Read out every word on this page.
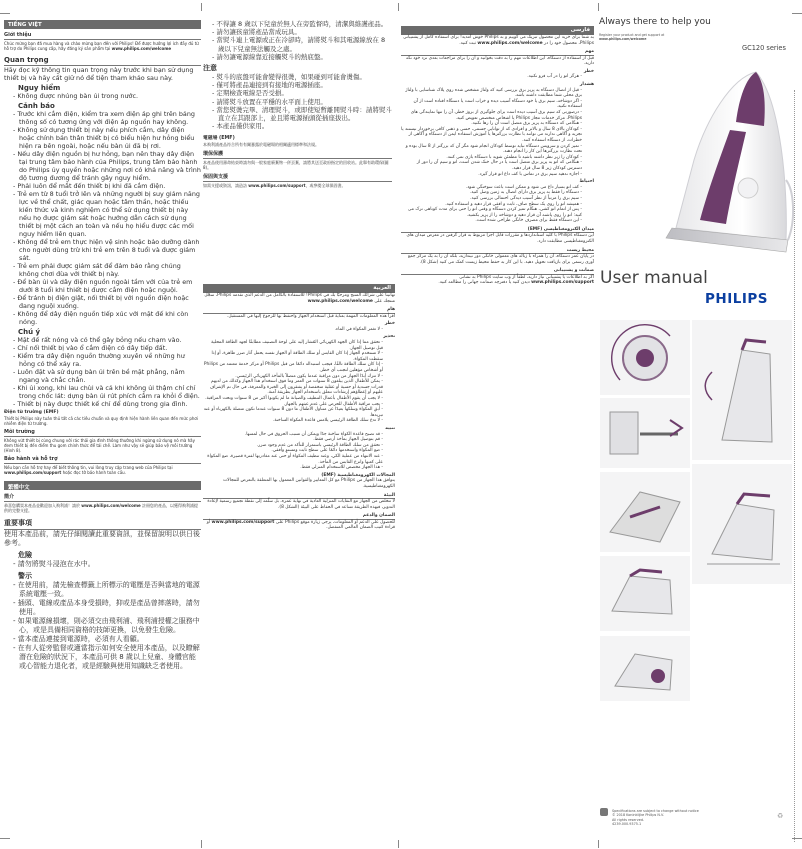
TIẾNG VIỆT
Giới thiệu

Chúc mừng bạn đã mua hàng và chào mừng bạn đến với Philips! Để được hưởng lợi ích đầy đủ từ hỗ trợ do Philips cung cấp, hãy đăng ký sản phẩm tại www.philips.com/welcome

Quan trọng

Hãy đọc kỹ thông tin quan trọng này trước khi bạn sử dụng thiết bị và hãy cất giữ nó để tiện tham khảo sau này.

Nguy hiểm
- Không được nhúng bàn ủi trong nước.
Cảnh báo
- Trước khi cắm điện, kiểm tra xem điện áp ghi trên bảng thông số có tương ứng với điện áp nguồn hay không.
- Không sử dụng thiết bị này nếu phích cắm, dây điện hoặc chính bản thân thiết bị có biểu hiện hư hỏng biểu hiện ra bên ngoài, hoặc nếu bàn ủi đã bị rơi.
- Nếu dây điện nguồn bị hư hỏng, bạn nên thay dây điện tại trung tâm bảo hành của Philips, trung tâm bảo hành do Philips ủy quyền hoặc những nơi có khả năng và trình độ tương đương để tránh gây nguy hiểm.
- Phải luôn để mắt đến thiết bị khi đã cắm điện.
- Trẻ em từ 8 tuổi trở lên và những người bị suy giảm năng lực về thể chất, giác quan hoặc tâm thần, hoặc thiếu kiến thức và kinh nghiệm có thể sử dụng thiết bị này nếu họ được giám sát hoặc hướng dẫn cách sử dụng thiết bị một cách an toàn và nếu họ hiểu được các mối nguy hiểm liên quan.
- Không để trẻ em thực hiện vệ sinh hoặc bảo dưỡng dành cho người dùng trừ khi trẻ em trên 8 tuổi và được giám sát.
- Trẻ em phải được giám sát để đảm bảo rằng chúng không chơi đùa với thiết bị này.
- Để bàn ủi và dây điện nguồn ngoài tầm với của trẻ em dưới 8 tuổi khi thiết bị được cắm điện hoặc nguội.
- Để tránh bị điện giật, nối thiết bị với nguồn điện hoặc đang nguội xuống.
- Không để dây điện nguồn tiếp xúc với mặt đế khi còn nóng.
Chú ý
- Mặt đế rất nóng và có thể gây bỏng nếu chạm vào.
- Chỉ nối thiết bị vào ổ cắm điện có dây tiếp đất.
- Kiểm tra dây điện nguồn thường xuyên về những hư hỏng có thể xảy ra.
- Luôn đặt và sử dụng bàn ủi trên bề mặt phẳng, nằm ngang và chắc chắn.
- Khi ủi xong, khi lau chùi và cả khi không ủi thậm chí chỉ trong chốc lát: dựng bàn ủi rút phích cắm ra khỏi ổ điện.
- Thiết bị này được thiết kế chỉ để dùng trong gia đình.
Điện từ trường (EMF)

Thiết bị Philips này tuân thủ tất cả các tiêu chuẩn và quy định hiện hành liên quan đến mức phơi nhiễm điện từ trường.

Môi trường

Không vứt thiết bị cùng chung với rác thải gia đình thông thường khi ngừng sử dụng nó mà hãy đem thiết bị đến điểm thu gom chính thức để tái chế. Làm như vậy sẽ giúp bảo vệ môi trường (Hình 8).

Bảo hành và hỗ trợ

Nếu bạn cần hỗ trợ hay để biết thông tin, vui lòng truy cập trang web của Philips tại www.philips.com/support hoặc đọc tờ bảo hành toàn cầu.

繁體中文
簡介

恭喜您購買本產品並歡迎加入飛利浦！請於 www.philips.com/welcome 註冊您的產品，以獲得飛利浦提供的完整支援。

重要事項

使用本產品前，請先仔細閱讀此重要資訊，並保留說明以供日後參考。

危險
- 請勿將熨斗浸泡在水中。
警示
- 在使用前，請先檢查標籤上所標示的電壓是否與當地的電源系統電壓一致。
- 插頭、電線或產品本身受損時，抑或是產品曾摔落時，請勿使用。
- 如果電源線損壞，則必須交由飛利浦、飛利浦授權之服務中心，或是具備相同資格的技師更換，以免發生危險。
- 當本產品連接到電源時，必須有人看顧。
- 在有人從旁監督或適當指示如何安全使用本產品，以及瞭解潛在危險的狀況下，本產品可供 8 歲以上兒童、身體官能或心智能力退化者，或是經驗與使用知識缺乏者使用。
- 不得讓 8 歲以下兒童於無人在旁監督時，清潔與維護產品。
- 請勿讓孩童將產品當成玩具。
- 當熨斗連上電源或正在冷卻時，請將熨斗和其電源線放在 8 歲以下兒童無法觸及之處。
- 請勿讓電源線靠近接觸熨斗的熱底盤。
注意
- 熨斗的底盤可能會變得很燙，如果碰到可能會燙傷。
- 僅可將產品連接到有接地的電源插座。
- 定期檢查電線是否受損。
- 請將熨斗放置在平穩的水平面上使用。
- 當您熨燙完畢、清理熨斗，或即使短暫離開熨斗時：請將熨斗直立在其跟部上，並且將電源插頭從插座拔出。
- 本產品僅供家用。
電磁場 (EMF)

本飛利浦產品符合所有有關暴露於電磁場的相關適用標準和法規。

環保保護

本產品使用壽命結束時請勿與一般家庭廢棄物一併丟棄，請將其送至政府指定的回收站。此舉有助環保(圖 8)。

保固與支援

如需支援或資訊，請造訪 www.philips.com/support，或參閱全球保固書。

العربية

تهانينا على شرائك المنتج ومرحبًا بك في Philips! للاستفادة بالكامل من الدعم الذي تقدمه Philips، سجّل منتجك على www.philips.com/welcome

هام

اقرأ هذه المعلومات المهمة بعناية قبل استخدام الجهاز واحتفظ بها للرجوع إليها في المستقبل.

خطر

- لا تغمر المكواة في الماء.

تحذير

- تحقق مما إذا كان الجهد الكهربائي المُشار إليه على لوحة التصنيف مطابقًا لجهد الطاقة المحلية قبل توصيل الجهاز.
- لا تستخدم الجهاز إذا كان القابس أو سلك الطاقة أو الجهاز نفسه يحمل آثار ضرر ظاهرة، أو إذا سقطت المكواة.
- إذا كان سلك الطاقة تالفًا، فيجب استبداله دائمًا من قبل Philips أو مركز خدمة معتمد من Philips أو أشخاص مؤهلين لتجنب أي خطر.
- لا تترك أبدًا الجهاز من دون مراقبة عندما يكون متصلاً بالمأخذ الكهربائي الرئيسي.
- يمكن للأطفال الذين يبلغون 8 سنوات من العمر وما فوق استخدام هذا الجهاز وكذلك من لديهم قدرات جسدية أو حسية أو عقلية منخفضة أو يفتقرون إلى الخبرة والمعرفة، في حال تم الإشراف عليهم أو إعطاؤهم إرشادات تتعلق باستخدام الجهاز بطريقة آمنة.
- لا يجب أن يقوم الأطفال بأعمال التنظيف والصيانة ما لم يكونوا أكبر من 8 سنوات وتحت المراقبة.
- يجب مراقبة الأطفال للحرص على عدم عبثهم بالجهاز.
- أبقِ المكواة وسلكها بعيدًا عن متناول الأطفال ما دون 8 سنوات عندما تكون متصلة بالكهرباء أو عند تبريدها.
- لا تدع سلك الطاقة الرئيسي يلامس قاعدة المكواة الساخنة.

تنبيه

- قد تصبح قاعدة الكواة ساخنة جدًا ويمكن أن تسبب الحروق في حال لمسها.
- قم بتوصيل الجهاز بمأخذ أرضي فقط.
- تحقق من سلك الطاقة الرئيسي باستمرار للتأكد من عدم وجود ضرر.
- ضع المكواة واستخدمها دائمًا على سطح ثابت ومستوٍ وأفقي.
- عند الانتهاء من عملية الكي، وعند تنظيف المكواة أو حتى عند مغادرتها لفترة قصيرة، ضع المكواة على كعبها وانزع القابس من المأخذ.
- هذا الجهاز مخصص للاستخدام المنزلي فقط.

المجالات الكهرومغناطيسية (EMF)

يتوافق هذا الجهاز من Philips مع كل المعايير والقوانين المعمول بها المتعلقة بالتعرض للمجالات الكهرومغناطيسية.

البيئة

لا تتخلص من الجهاز مع النفايات المنزلية العادية في نهاية عمره، بل سلّمه إلى نقطة تجميع رسمية لإعادة التدوير، فبهذه الطريقة تساعد في الحفاظ على البيئة (الشكل 8).

الضمان والدعم

للحصول على الدعم أو المعلومات، يرجى زيارة موقع Philips على www.philips.com/support أو قراءة كتيب الضمان العالمي المنفصل.

فارسی

به شما برای خرید این محصول تبریک می گوییم و به Philips خوش آمدید! برای استفاده کامل از پشتیبانی Philips، محصول خود را در www.philips.com/welcome ثبت کنید.

مهم

قبل از استفاده از دستگاه، این اطلاعات مهم را به دقت بخوانید و آن را برای مراجعات بعدی نزد خود نگه دارید.

خطر

- هرگز اتو را در آب فرو نکنید.

هشدار

- قبل از اتصال دستگاه به پریز برق بررسی کنید که ولتاژ مشخص شده روی پلاک شناسایی با ولتاژ برق محلی شما مطابقت داشته باشد.
- اگر دوشاخه، سیم برق یا خود دستگاه آسیب دیده و خراب است یا دستگاه افتاده است از آن استفاده نکنید.
- درصورتی که سیم برق آسیب دیده است برای جلوگیری از بروز خطر، آن را تنها نمایندگی های Philips، مرکز خدمات مجاز Philips یا اشخاص متخصص تعویض کنید.
- هنگامی که دستگاه به پریز برق متصل است آن را رها نکنید.
- کودکان بالای 8 سال و بالاتر و افرادی که از توانایی جسمی، حسی و ذهنی کافی برخوردار نیستند یا تجربه و آگاهی ندارند می توانند با نظارت بزرگترها یا آموزش استفاده ایمن از دستگاه و آگاهی از خطرات، از دستگاه استفاده کنند.
- تمیز کردن و سرویس دستگاه نباید توسط کودکان انجام شود مگر آن که بزرگتر از 8 سال بوده و تحت نظارت بزرگترها این کار را انجام دهند.
- کودکان را زیر نظر داشته باشید تا مطمئن شوید با دستگاه بازی نمی کنند.
- هنگامی که اتو به پریز برق متصل است یا در حال خنک شدن است، اتو و سیم آن را دور از دسترس کودکان زیر 8 سال قرار دهید.
- اجازه ندهید سیم برق در تماس با کف داغ اتو قرار گیرد.

احتیاط

- کف اتو بسیار داغ می شود و ممکن است باعث سوختگی شود.
- دستگاه را فقط به پریز برق دارای اتصال به زمین وصل کنید.
- سیم برق را مرتباً از نظر آسیب دیدگی احتمالی بررسی کنید.
- همیشه اتو را روی یک سطح صاف، ثابت و افقی قرار دهید و استفاده کنید.
- پس از اتمام اتو کشی، هنگام تمیز کردن دستگاه و وقتی اتو را حتی برای مدت کوتاهی ترک می کنید: اتو را روی پاشنه آن قرار دهید و دوشاخه را از پریز بکشید.
- این دستگاه فقط برای مصرف خانگی طراحی شده است.
میدان الکترومغناطیسی (EMF)

این دستگاه Philips با کلیه استانداردها و مقررات قابل اجرا مربوط به قرار گرفتن در معرض میدان های الکترومغناطیسی مطابقت دارد.

محیط زیست

در پایان عمر دستگاه، آن را همراه با زباله های معمولی خانگی دور نیندازید، بلکه آن را به یک مرکز جمع آوری رسمی برای بازیافت تحویل دهید. با این کار به حفظ محیط زیست کمک می کنید (شکل 8).

ضمانت و پشتیبانی

اگر به اطلاعات یا پشتیبانی نیاز دارید، لطفاً از وب سایت Philips به نشانی www.philips.com/support دیدن کنید یا دفترچه ضمانت جهانی را مطالعه کنید.

Always there to help you
Register your product and get support at
www.philips.com/welcome
GC120 series
User manual
PHILIPS
Specifications are subject to change without notice
© 2018 Koninklijke Philips N.V.
All rights reserved.
4239.000.9375.1
♻
